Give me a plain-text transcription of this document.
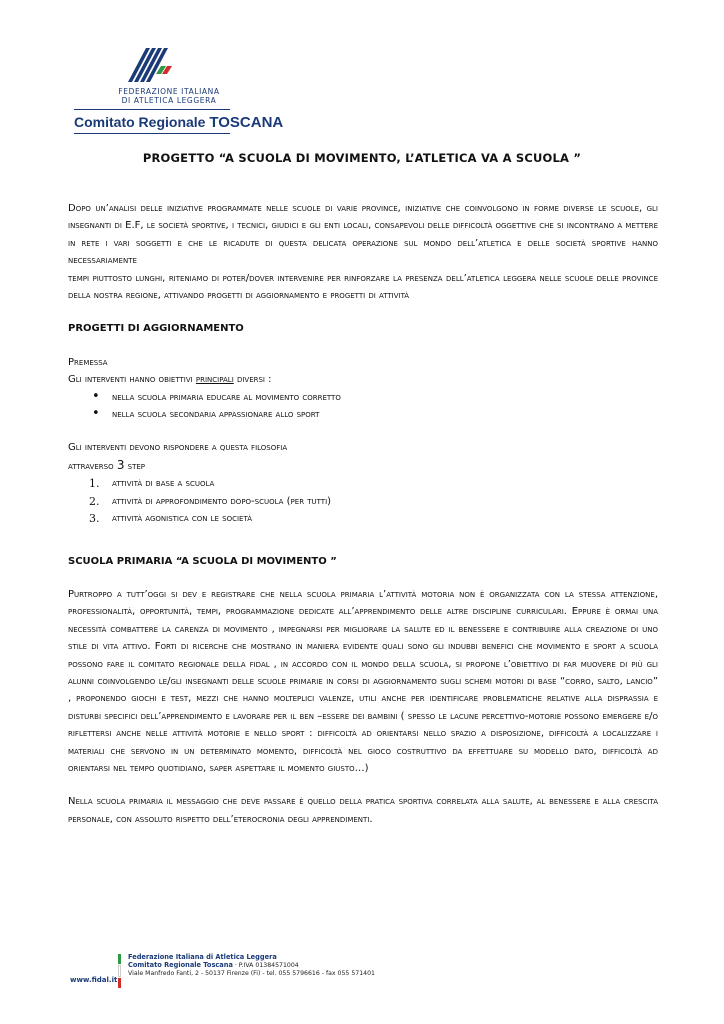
FEDERAZIONE ITALIANA
DI ATLETICA LEGGERA
Comitato Regionale TOSCANA
PROGETTO “A SCUOLA DI MOVIMENTO, L’ATLETICA VA A SCUOLA ”

Dopo un’analisi delle iniziative programmate nelle scuole di varie province, iniziative che coinvolgono in forme diverse le scuole, gli insegnanti di E.F, le società sportive, i tecnici, giudici e gli enti locali, consapevoli delle difficoltà oggettive che si incontrano a mettere in rete i vari soggetti e che le ricadute di questa delicata operazione sul mondo dell’atletica e delle società sportive hanno necessariamente

tempi piuttosto lunghi, riteniamo di poter/dover intervenire per rinforzare la presenza dell’atletica leggera nelle scuole delle province della nostra regione, attivando progetti di aggiornamento e progetti di attività

PROGETTI DI AGGIORNAMENTO

Premessa

Gli interventi hanno obiettivi principali diversi :

• nella scuola primaria educare al movimento corretto
• nella scuola secondaria appassionare allo sport

Gli interventi devono rispondere a questa filosofia

attraverso 3 step

1. attività di base a scuola
2. attività di approfondimento dopo-scuola (per tutti)
3. attività agonistica con le società

SCUOLA PRIMARIA “A SCUOLA DI MOVIMENTO ”

Purtroppo a tutt’oggi si dev e registrare che nella scuola primaria l’attività motoria non è organizzata con la stessa attenzione, professionalità, opportunità, tempi, programmazione dedicate all’apprendimento delle altre discipline curriculari. Eppure è ormai una necessità combattere la carenza di movimento , impegnarsi per migliorare la salute ed il benessere e contribuire alla creazione di uno stile di vita attivo. Forti di ricerche che mostrano in maniera evidente quali sono gli indubbi benefici che movimento e sport a scuola possono fare il comitato regionale della fidal , in accordo con il mondo della scuola, si propone l’obiettivo di far muovere di più gli alunni coinvolgendo le/gli insegnanti delle scuole primarie in corsi di aggiornamento sugli schemi motori di base “corro, salto, lancio” , proponendo giochi e test, mezzi che hanno molteplici valenze, utili anche per identificare problematiche relative alla disprassia e disturbi specifici dell’apprendimento e lavorare per il ben –essere dei bambini ( spesso le lacune percettivo-motorie possono emergere e/o riflettersi anche nelle attività motorie e nello sport : difficoltà ad orientarsi nello spazio a disposizione, difficoltà a localizzare i materiali che servono in un determinato momento, difficoltà nel gioco costruttivo da effettuare su modello dato, difficoltà ad orientarsi nel tempo quotidiano, saper aspettare il momento giusto…)

Nella scuola primaria il messaggio che deve passare è quello della pratica sportiva correlata alla salute, al benessere e alla crescita personale, con assoluto rispetto dell’eterocronia degli apprendimenti.

www.fidal.it
Federazione Italiana di Atletica Leggera
Comitato Regionale Toscana · P.IVA 01384571004
Viale Manfredo Fanti, 2 - 50137 Firenze (Fi) - tel. 055 5796616 - fax 055 571401
